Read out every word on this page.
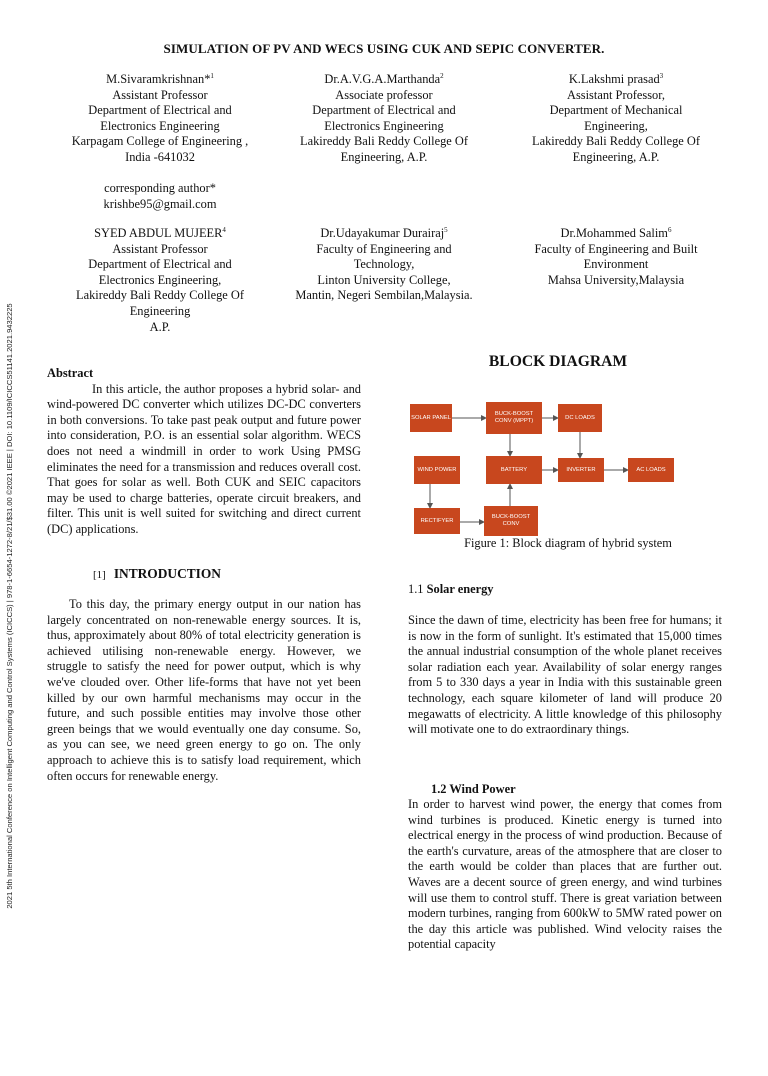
2021 5th International Conference on Intelligent Computing and Control Systems (ICICCS) | 978-1-6654-1272-8/21/$31.00 ©2021 IEEE | DOI: 10.1109/ICICCS51141.2021.9432225
SIMULATION OF PV AND WECS USING CUK AND SEPIC CONVERTER.
M.Sivaramkrishnan*$^1$
Assistant Professor
Department of Electrical and
Electronics Engineering
Karpagam College of Engineering ,
India -641032
corresponding author*
krishbe95@gmail.com
Dr.A.V.G.A.Marthanda$^2$
Associate professor
Department of Electrical and
Electronics Engineering
Lakireddy Bali Reddy College Of
Engineering, A.P.
K.Lakshmi prasad$^3$
Assistant Professor,
Department of Mechanical
Engineering,
Lakireddy Bali Reddy College Of
Engineering, A.P.
SYED ABDUL MUJEER$^4$
Assistant Professor
Department of Electrical and
Electronics Engineering,
Lakireddy Bali Reddy College Of
Engineering
A.P.
Dr.Udayakumar Durairaj$^5$
Faculty of Engineering and
Technology,
Linton University College,
Mantin, Negeri Sembilan,Malaysia.
Dr.Mohammed Salim$^6$
Faculty of Engineering and Built
Environment
Mahsa University,Malaysia

Abstract

In this article, the author proposes a hybrid solar- and wind-powered DC converter which utilizes DC-DC converters in both conversions. To take past peak output and future power into consideration, P.O. is an essential solar algorithm. WECS does not need a windmill in order to work Using PMSG eliminates the need for a transmission and reduces overall cost. That goes for solar as well. Both CUK and SEIC capacitors may be used to charge batteries, operate circuit breakers, and filter. This unit is well suited for switching and direct current (DC) applications.

[1] INTRODUCTION

To this day, the primary energy output in our nation has largely concentrated on non-renewable energy sources. It is, thus, approximately about 80% of total electricity generation is achieved utilising non-renewable energy. However, we struggle to satisfy the need for power output, which is why we've clouded over. Other life-forms that have not yet been killed by our own harmful mechanisms may occur in the future, and such possible entities may involve those other green beings that we would eventually one day consume. So, as you can see, we need green energy to go on. The only approach to achieve this is to satisfy load requirement, which often occurs for renewable energy.

BLOCK DIAGRAM
SOLAR PANEL
BUCK-BOOST CONV (MPPT)
DC LOADS
WIND POWER	BATTERY	INVERTER	AC LOADS
RECTIFYER
BUCK-BOOST CONV
Figure 1: Block diagram of hybrid system
1.1 Solar energy

Since the dawn of time, electricity has been free for humans; it is now in the form of sunlight. It's estimated that 15,000 times the annual industrial consumption of the whole planet receives solar radiation each year. Availability of solar energy ranges from 5 to 330 days a year in India with this sustainable green technology, each square kilometer of land will produce 20 megawatts of electricity. A little knowledge of this philosophy will motivate one to do extraordinary things.

1.2 Wind Power

In order to harvest wind power, the energy that comes from wind turbines is produced. Kinetic energy is turned into electrical energy in the process of wind production. Because of the earth's curvature, areas of the atmosphere that are closer to the earth would be colder than places that are further out. Waves are a decent source of green energy, and wind turbines will use them to control stuff. There is great variation between modern turbines, ranging from 600kW to 5MW rated power on the day this article was published. Wind velocity raises the potential capacity
